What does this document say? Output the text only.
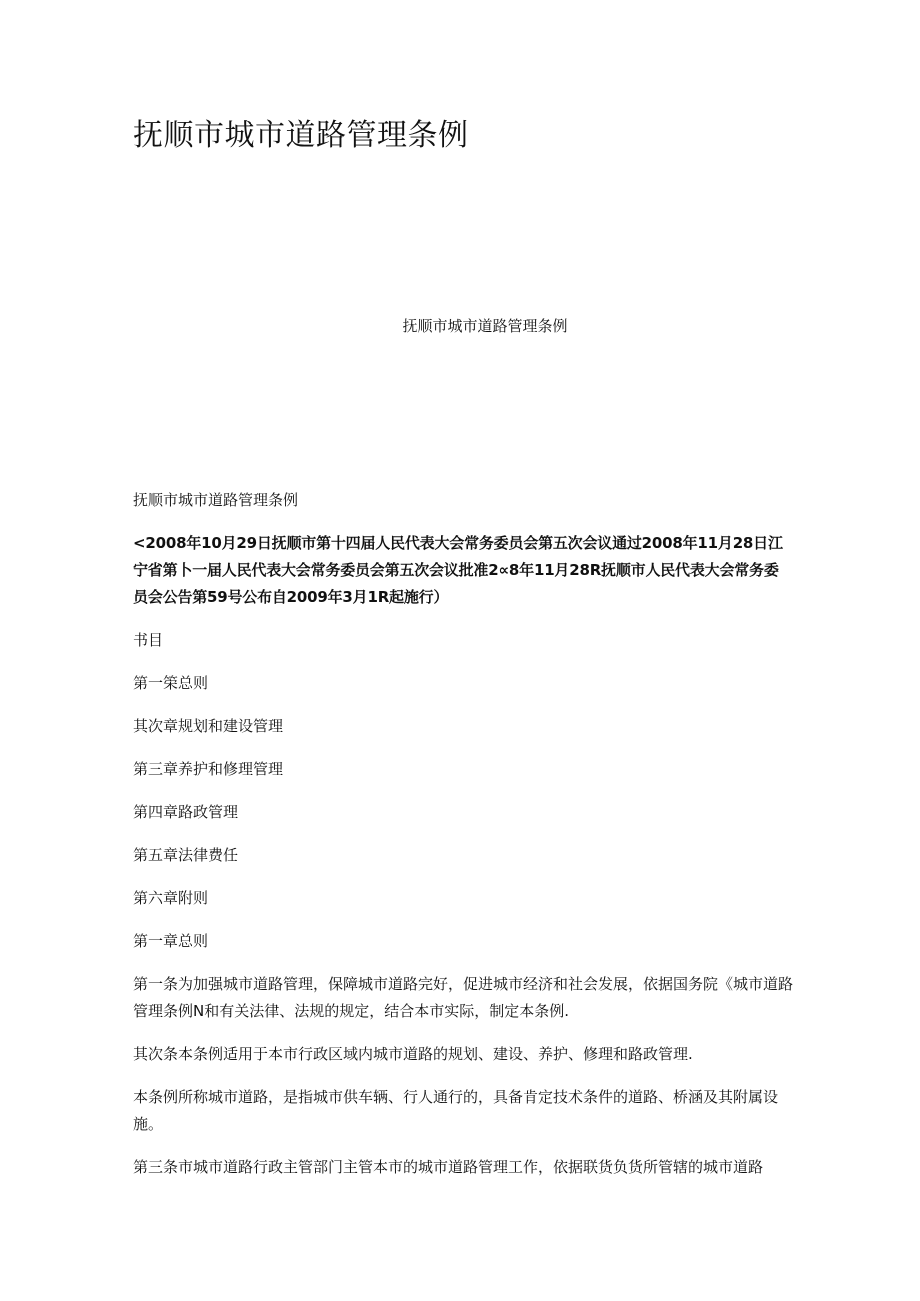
抚顺市城市道路管理条例
抚顺市城市道路管理条例

抚顺市城市道路管理条例

<2008年10月29日抚顺市第十四届人民代表大会常务委员会第五次会议通过2008年11月28日江宁省第卜一届人民代表大会常务委员会第五次会议批准2∝8年11月28R抚顺市人民代表大会常务委员会公告第59号公布自2009年3月1R起施行）

书目

第一筞总则

其次章规划和建设管理

第三章养护和修理管理

第四章路政管理

第五章法律费任

第六章附则

第一章总则

第一条为加强城市道路管理，保障城市道路完好，促进城市经济和社会发展，依据国务院《城市道路管理条例N和有关法律、法规的规定，结合本市实际，制定本条例.

其次条本条例适用于本市行政区域内城市道路的规划、建设、养护、修理和路政管理.

本条例所称城市道路，是指城市供车辆、行人通行的，具备肯定技术条件的道路、桥涵及其附属设施。

第三条市城市道路行政主管部门主管本市的城市道路管理工作，依据联货负货所管辖的城市道路
